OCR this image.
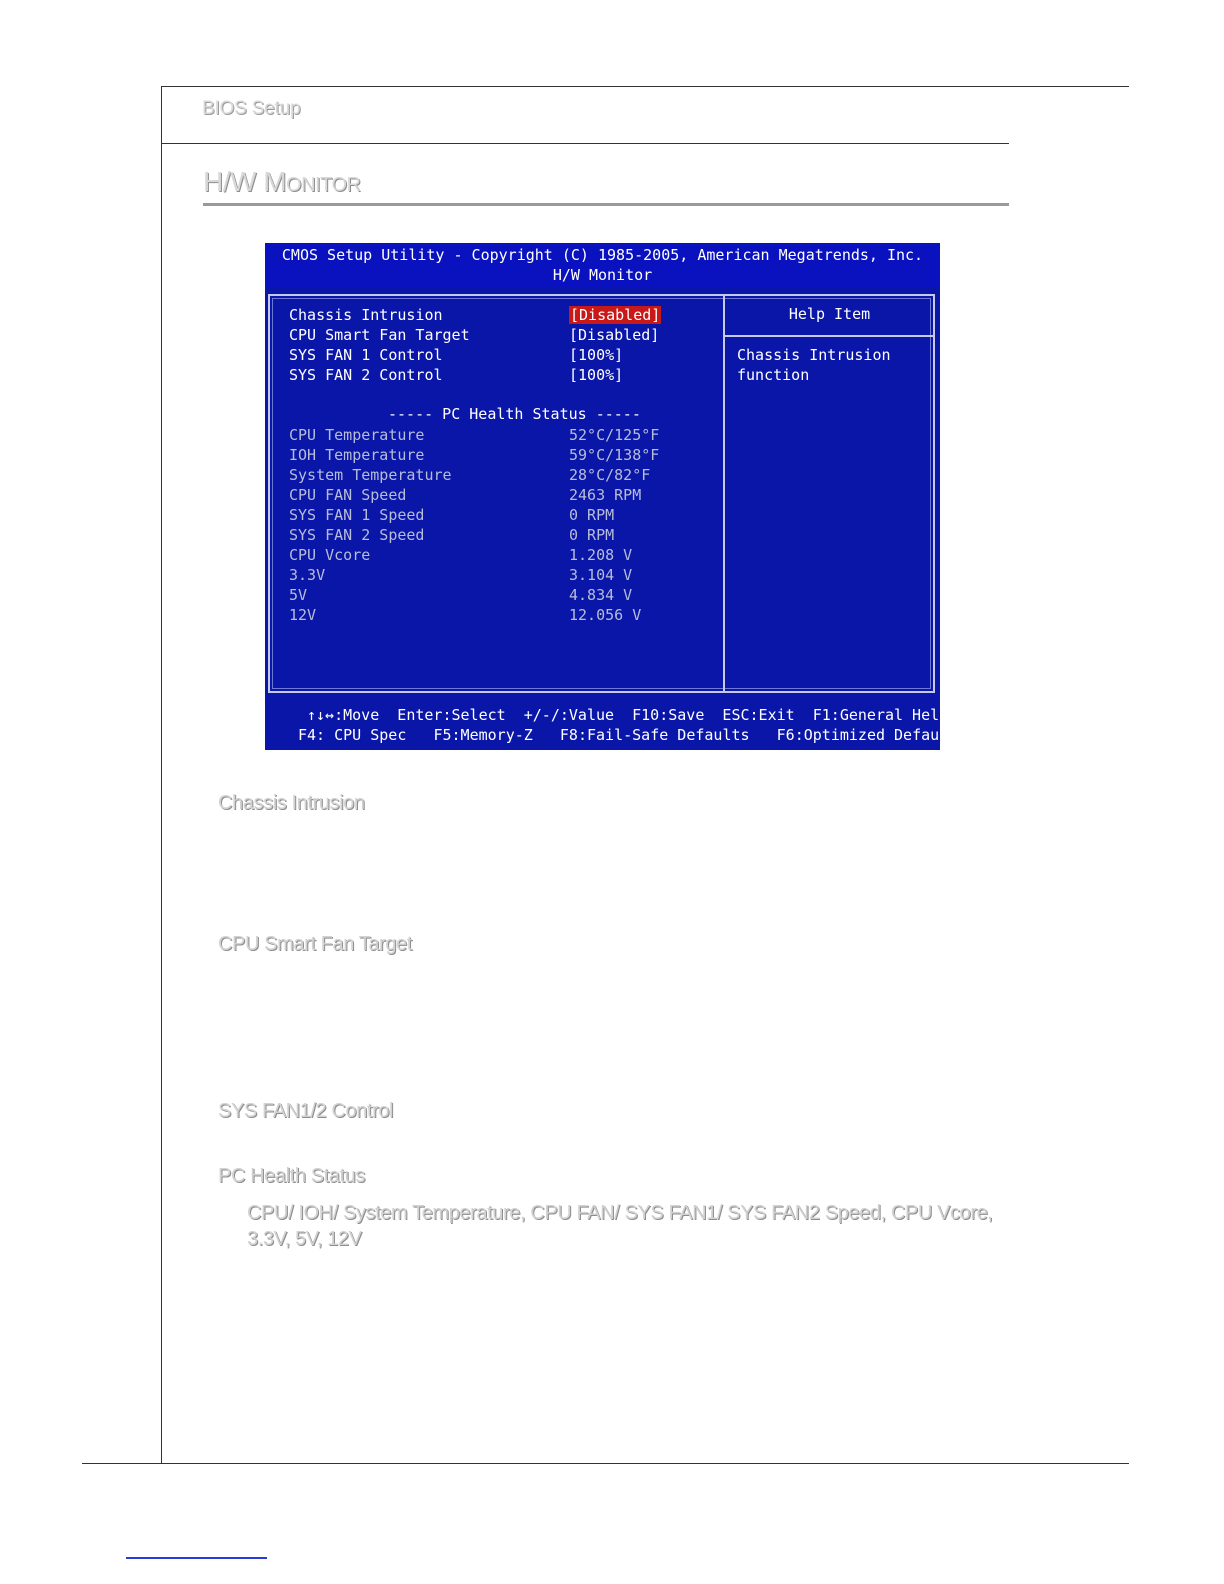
BIOS Setup
H/W Monitor
CMOS Setup Utility - Copyright (C) 1985-2005, American Megatrends, Inc.
H/W Monitor
Chassis Intrusion	[Disabled]
CPU Smart Fan Target	[Disabled]
SYS FAN 1 Control	[100%]
SYS FAN 2 Control	[100%]
----- PC Health Status -----
CPU Temperature	52°C/125°F
IOH Temperature	59°C/138°F
System Temperature	28°C/82°F
CPU FAN Speed	2463 RPM
SYS FAN 1 Speed	0 RPM
SYS FAN 2 Speed	0 RPM
CPU Vcore	1.208 V
3.3V	3.104 V
5V	4.834 V
12V	12.056 V
Help Item
Chassis Intrusion
function
↑↓↔:Move  Enter:Select  +/-/:Value  F10:Save  ESC:Exit  F1:General Help
F4: CPU Spec   F5:Memory-Z   F8:Fail-Safe Defaults   F6:Optimized Defaults
Chassis Intrusion
CPU Smart Fan Target
SYS FAN1/2 Control
PC Health Status
CPU/ IOH/ System Temperature, CPU FAN/ SYS FAN1/ SYS FAN2 Speed, CPU Vcore, 3.3V, 5V, 12V
